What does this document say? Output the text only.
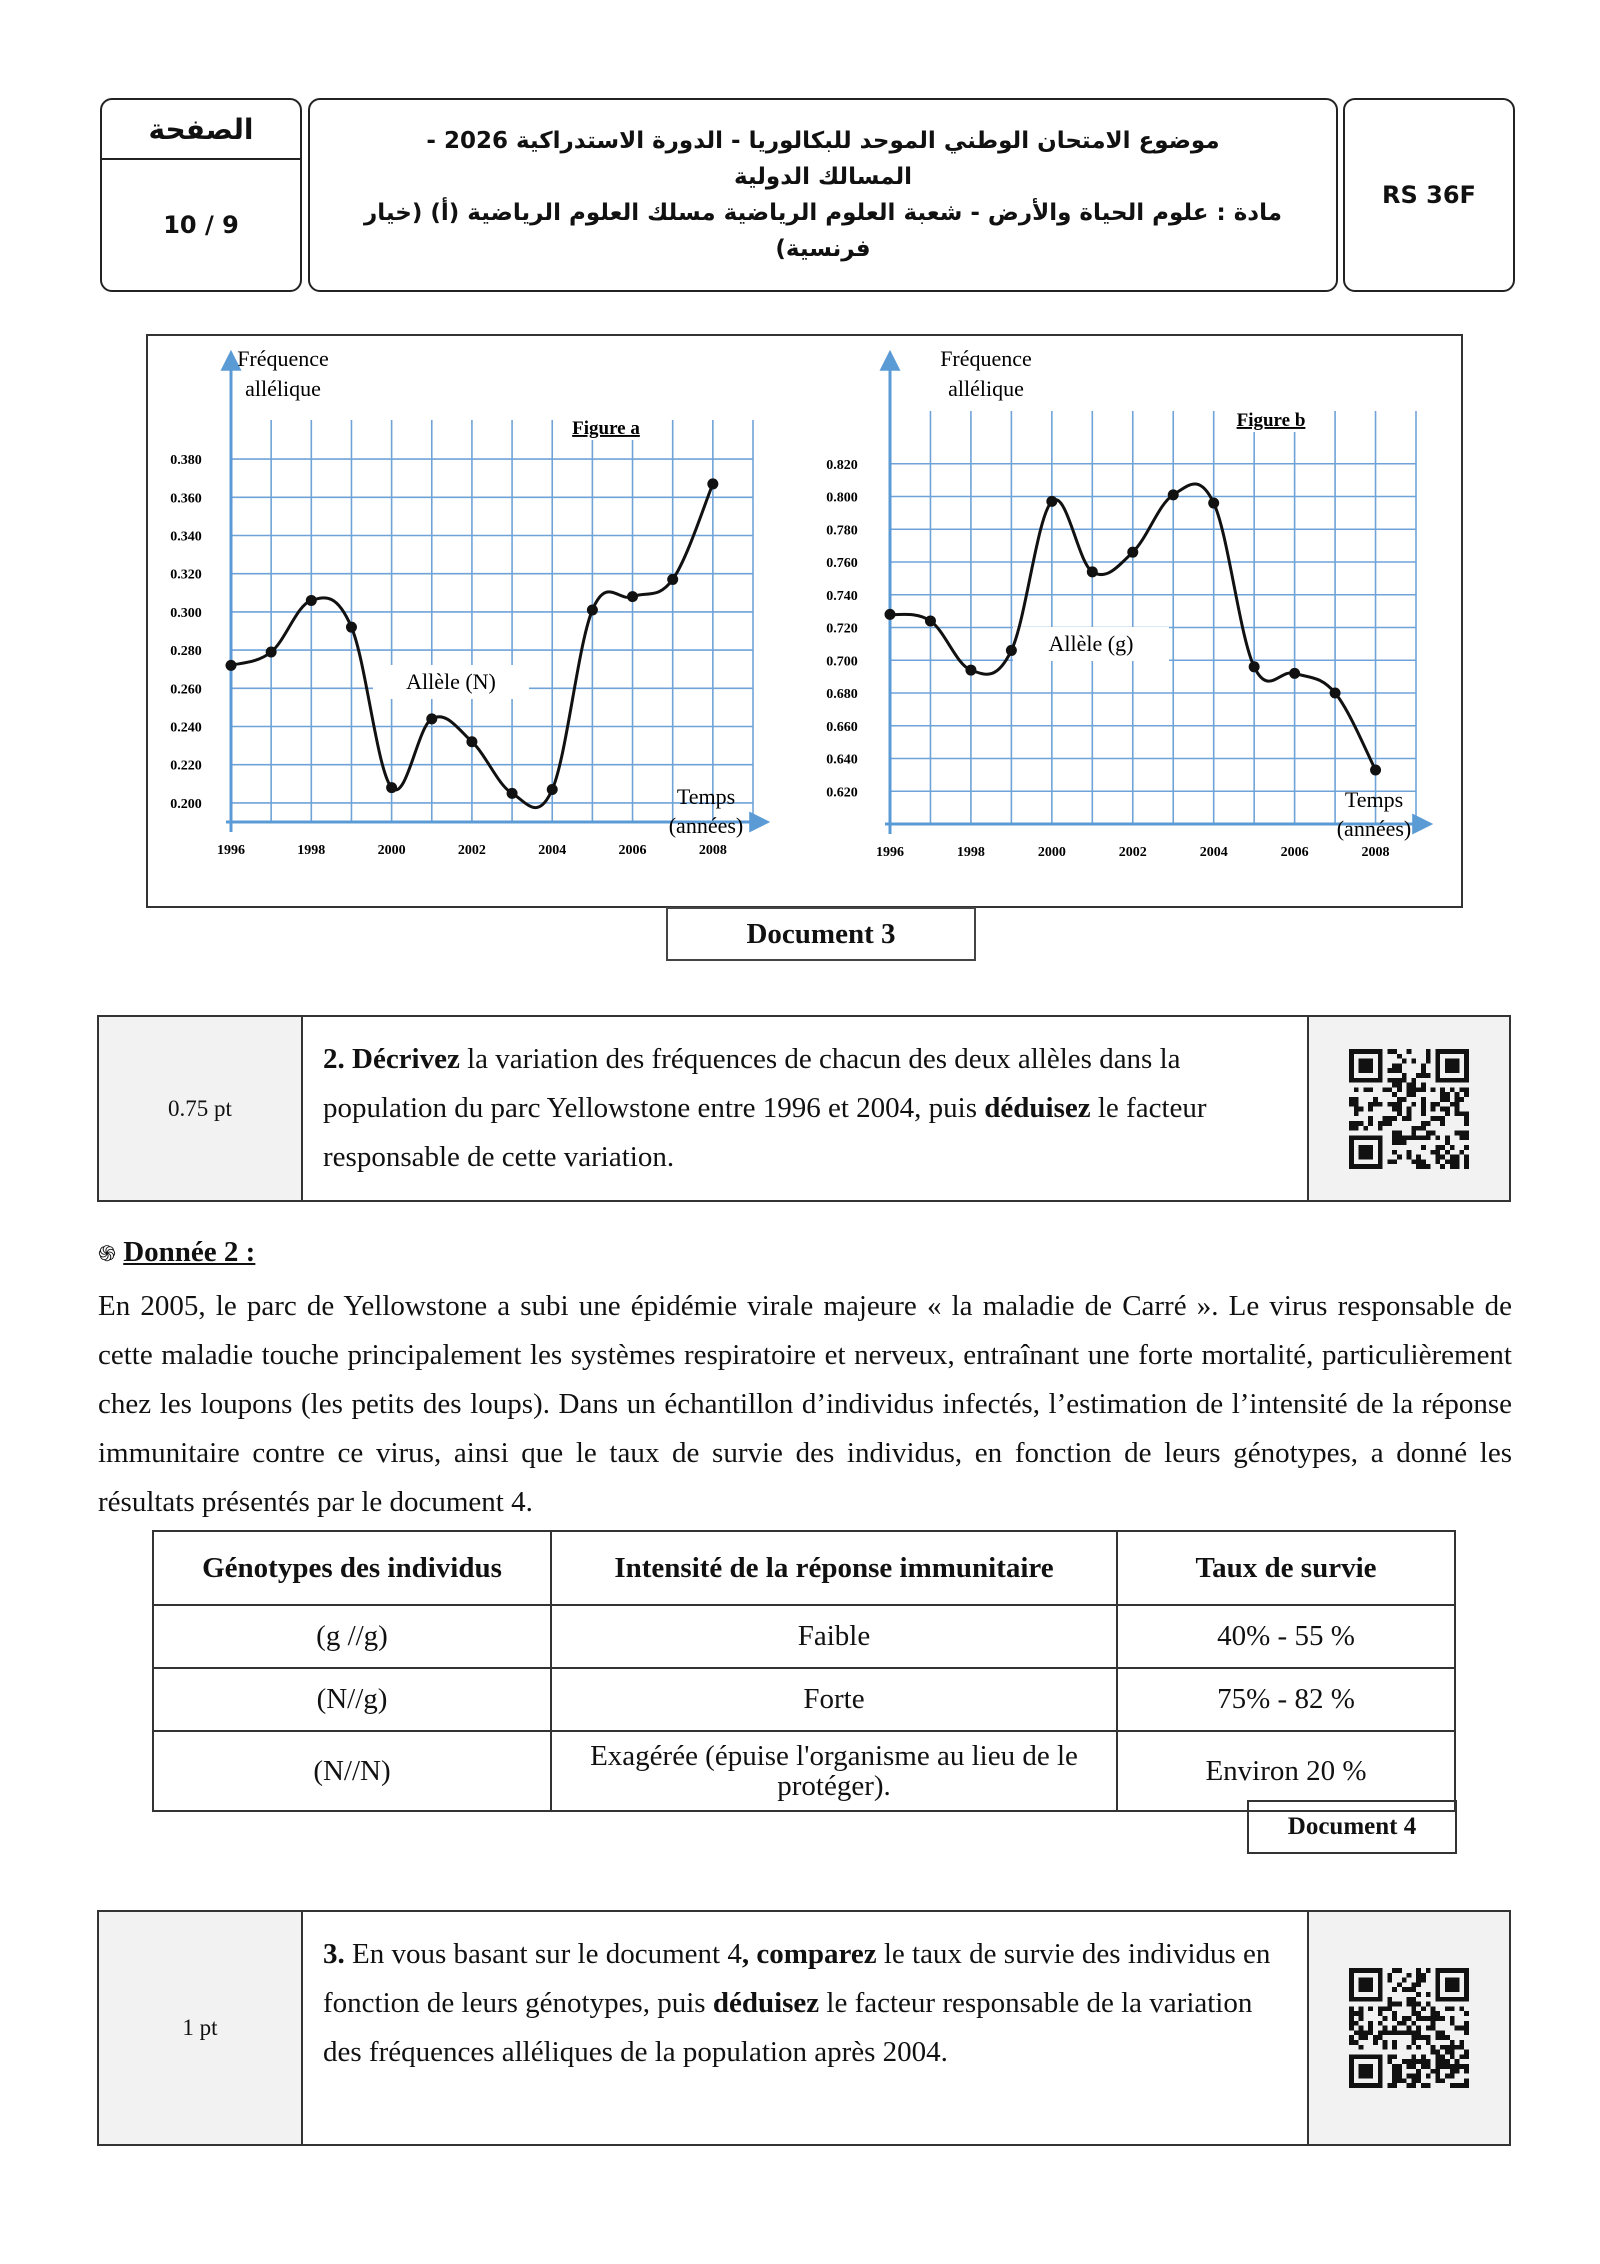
الصفحة
10 / 9
موضوع الامتحان الوطني الموحد للبكالوريا - الدورة الاستدراكية 2026 -
المسالك الدولية
مادة : علوم الحياة والأرض - شعبة العلوم الرياضية مسلك العلوم الرياضية (أ) (خيار
فرنسية)
RS 36F
0.200
0.220
0.240
0.260
0.280
0.300
0.320
0.340
0.360
0.380
1996	1998	2000	2002	2004	2006	2008
Fréquence
allélique
Temps
(années)
Figure a
Allèle (N)
0.620
0.640
0.660
0.680
0.700
0.720
0.740
0.760
0.780
0.800
0.820
1996	1998	2000	2002	2004	2006	2008
Fréquence
allélique
Temps
(années)
Figure b
Allèle (g)
Document 3
0.75 pt
2. Décrivez la variation des fréquences de chacun des deux allèles dans la population du parc Yellowstone entre 1996 et 2004, puis déduisez le facteur responsable de cette variation.
֍ Donnée 2 :
En 2005, le parc de Yellowstone a subi une épidémie virale majeure « la maladie de Carré ». Le virus responsable de cette maladie touche principalement les systèmes respiratoire et nerveux, entraînant une forte mortalité, particulièrement chez les loupons (les petits des loups). Dans un échantillon d’individus infectés, l’estimation de l’intensité de la réponse immunitaire contre ce virus, ainsi que le taux de survie des individus, en fonction de leurs génotypes, a donné les résultats présentés par le document 4.
Génotypes des individus	Intensité de la réponse immunitaire	Taux de survie
(g //g)	Faible	40% - 55 %
(N//g)	Forte	75% - 82 %
(N//N)	Exagérée (épuise l'organisme au lieu de le protéger).	Environ 20 %
Document 4
1 pt
3. En vous basant sur le document 4, comparez le taux de survie des individus en fonction de leurs génotypes, puis déduisez le facteur responsable de la variation des fréquences alléliques de la population après 2004.
